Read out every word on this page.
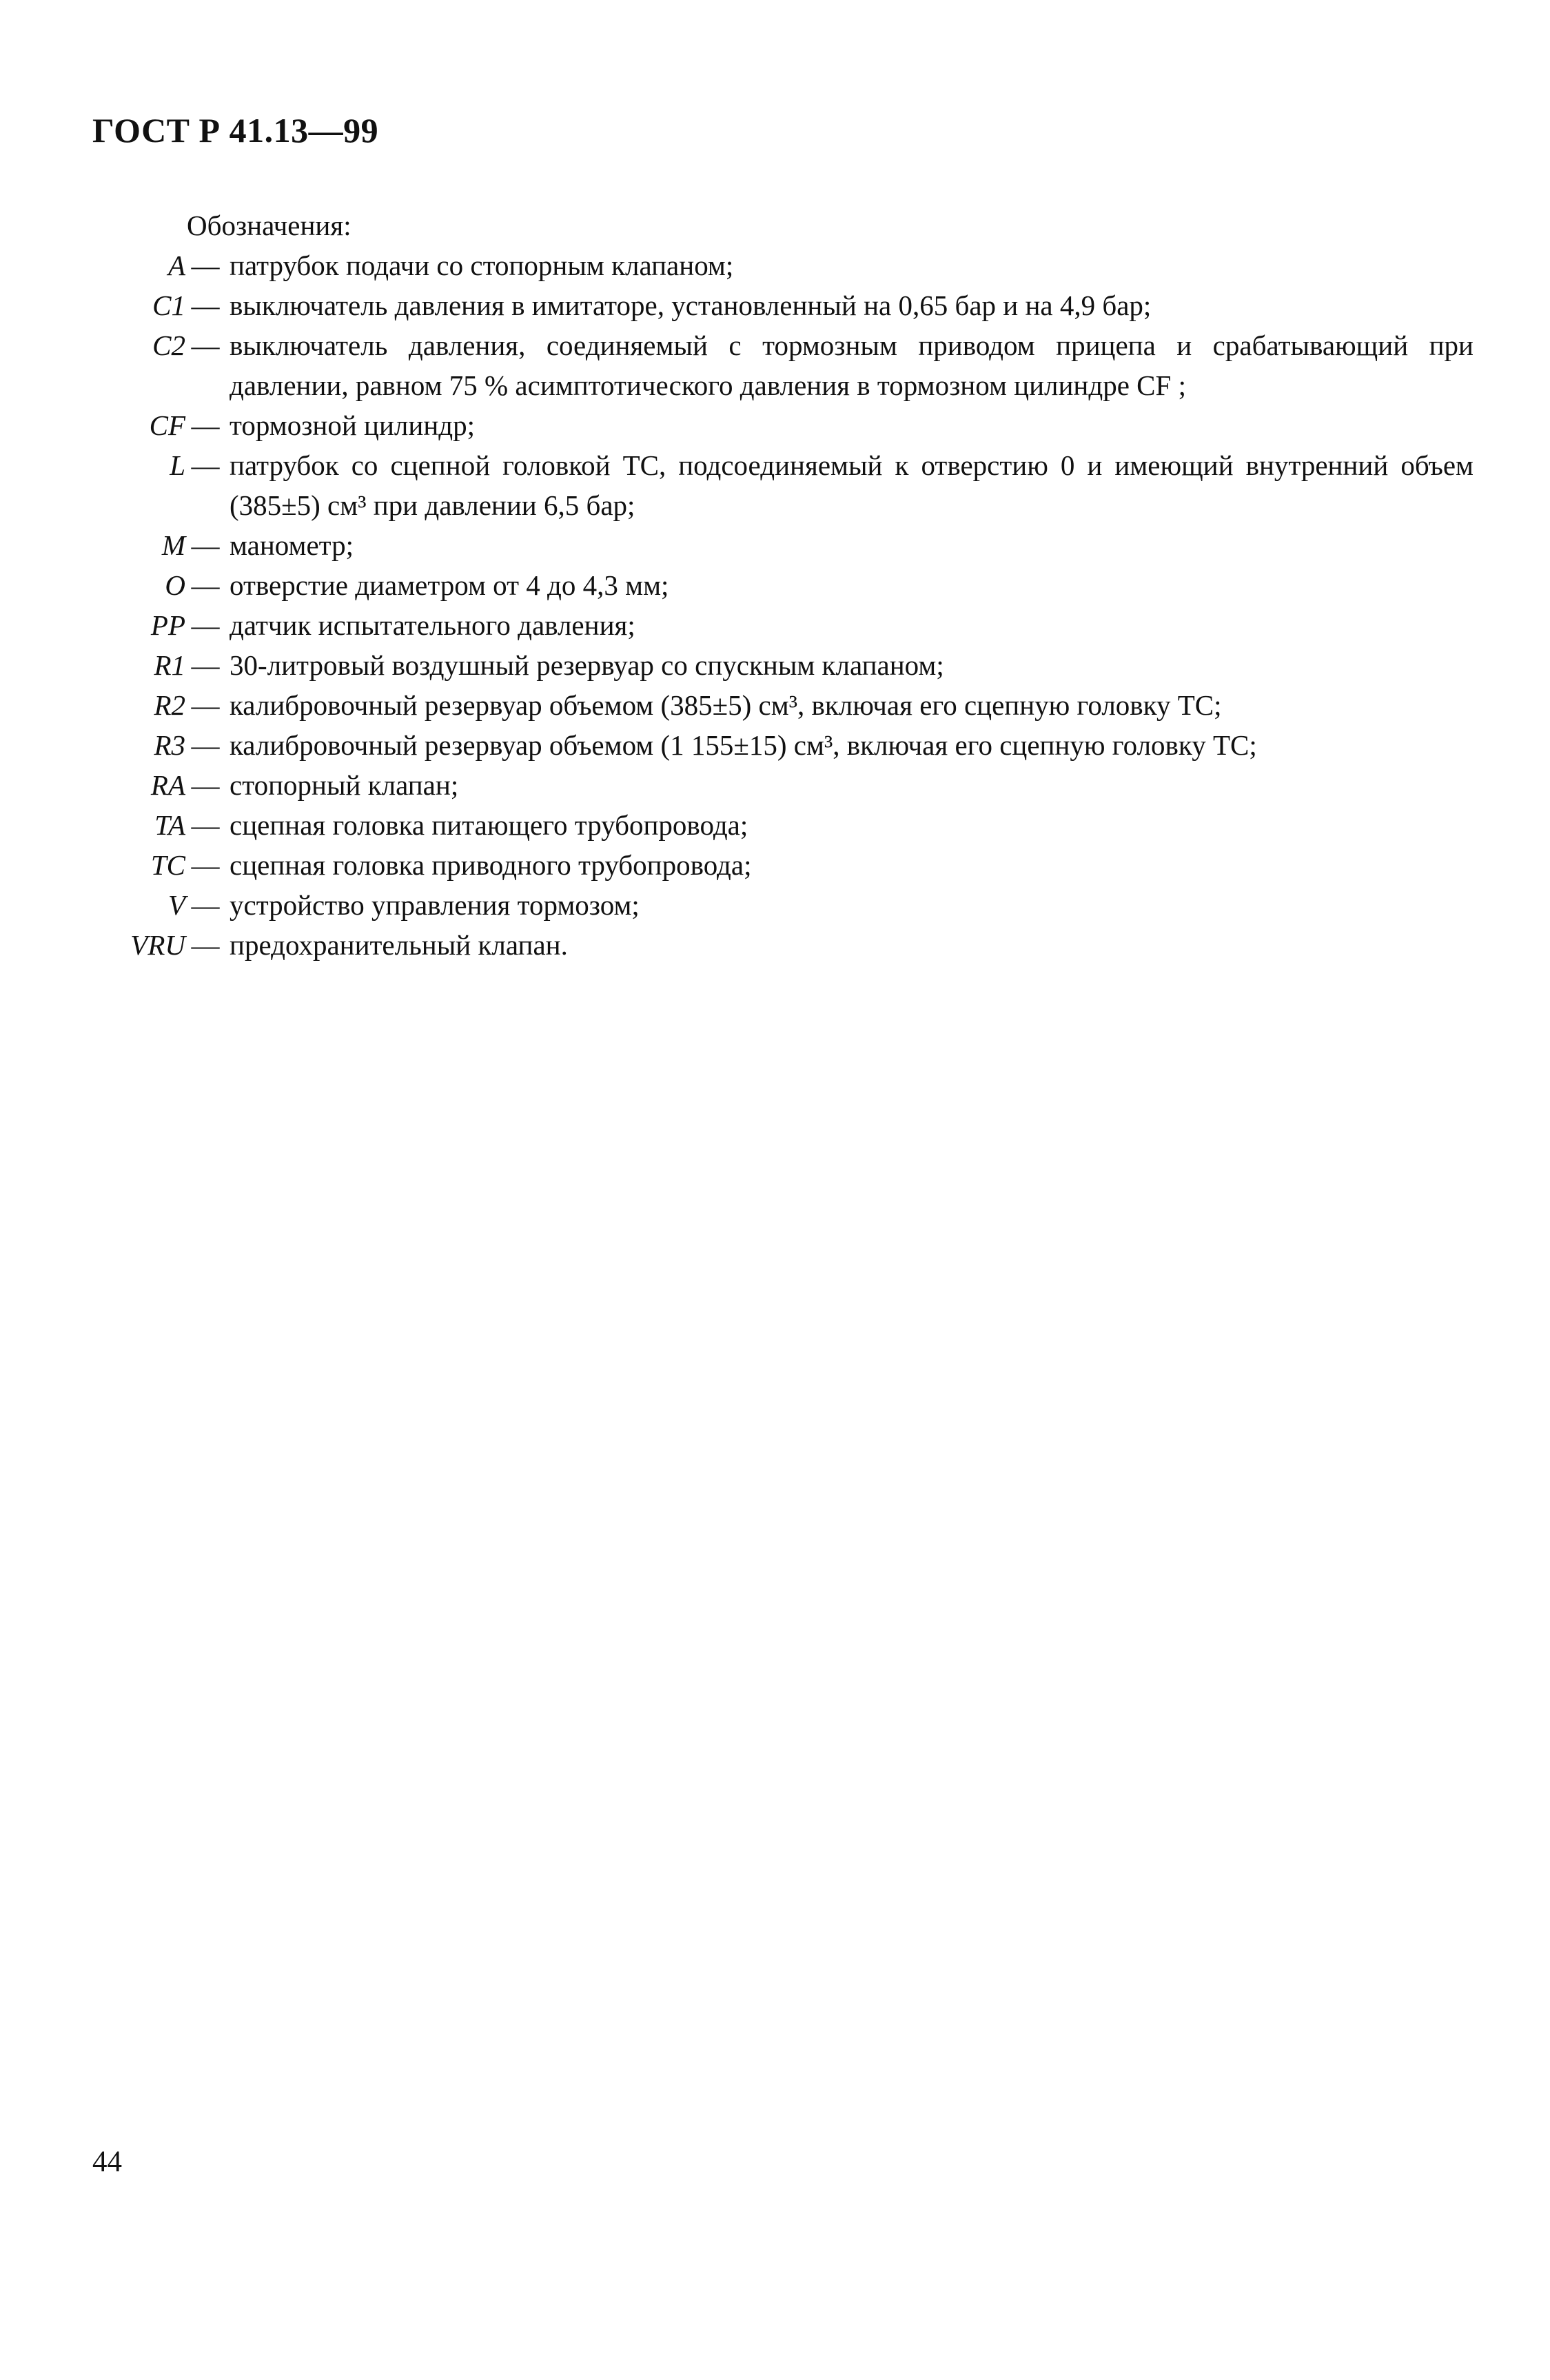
ГОСТ Р 41.13—99
Обозначения:
A — патрубок подачи со стопорным клапаном;
C1 — выключатель давления в имитаторе, установленный на 0,65 бар и на 4,9 бар;
C2 — выключатель давления, соединяемый с тормозным приводом прицепа и срабатывающий при давлении, равном 75 % асимптотического давления в тормозном цилиндре CF ;
CF — тормозной цилиндр;
L — патрубок со сцепной головкой ТС, подсоединяемый к отверстию 0 и имеющий внутренний объем (385±5) см³ при давлении 6,5 бар;
M — манометр;
O — отверстие диаметром от 4 до 4,3 мм;
PP — датчик испытательного давления;
R1 — 30-литровый воздушный резервуар со спускным клапаном;
R2 — калибровочный резервуар объемом (385±5) см³, включая его сцепную головку TC;
R3 — калибровочный резервуар объемом (1 155±15) см³, включая его сцепную головку TC;
RA — стопорный клапан;
TA — сцепная головка питающего трубопровода;
TC — сцепная головка приводного трубопровода;
V — устройство управления тормозом;
VRU — предохранительный клапан.
44
